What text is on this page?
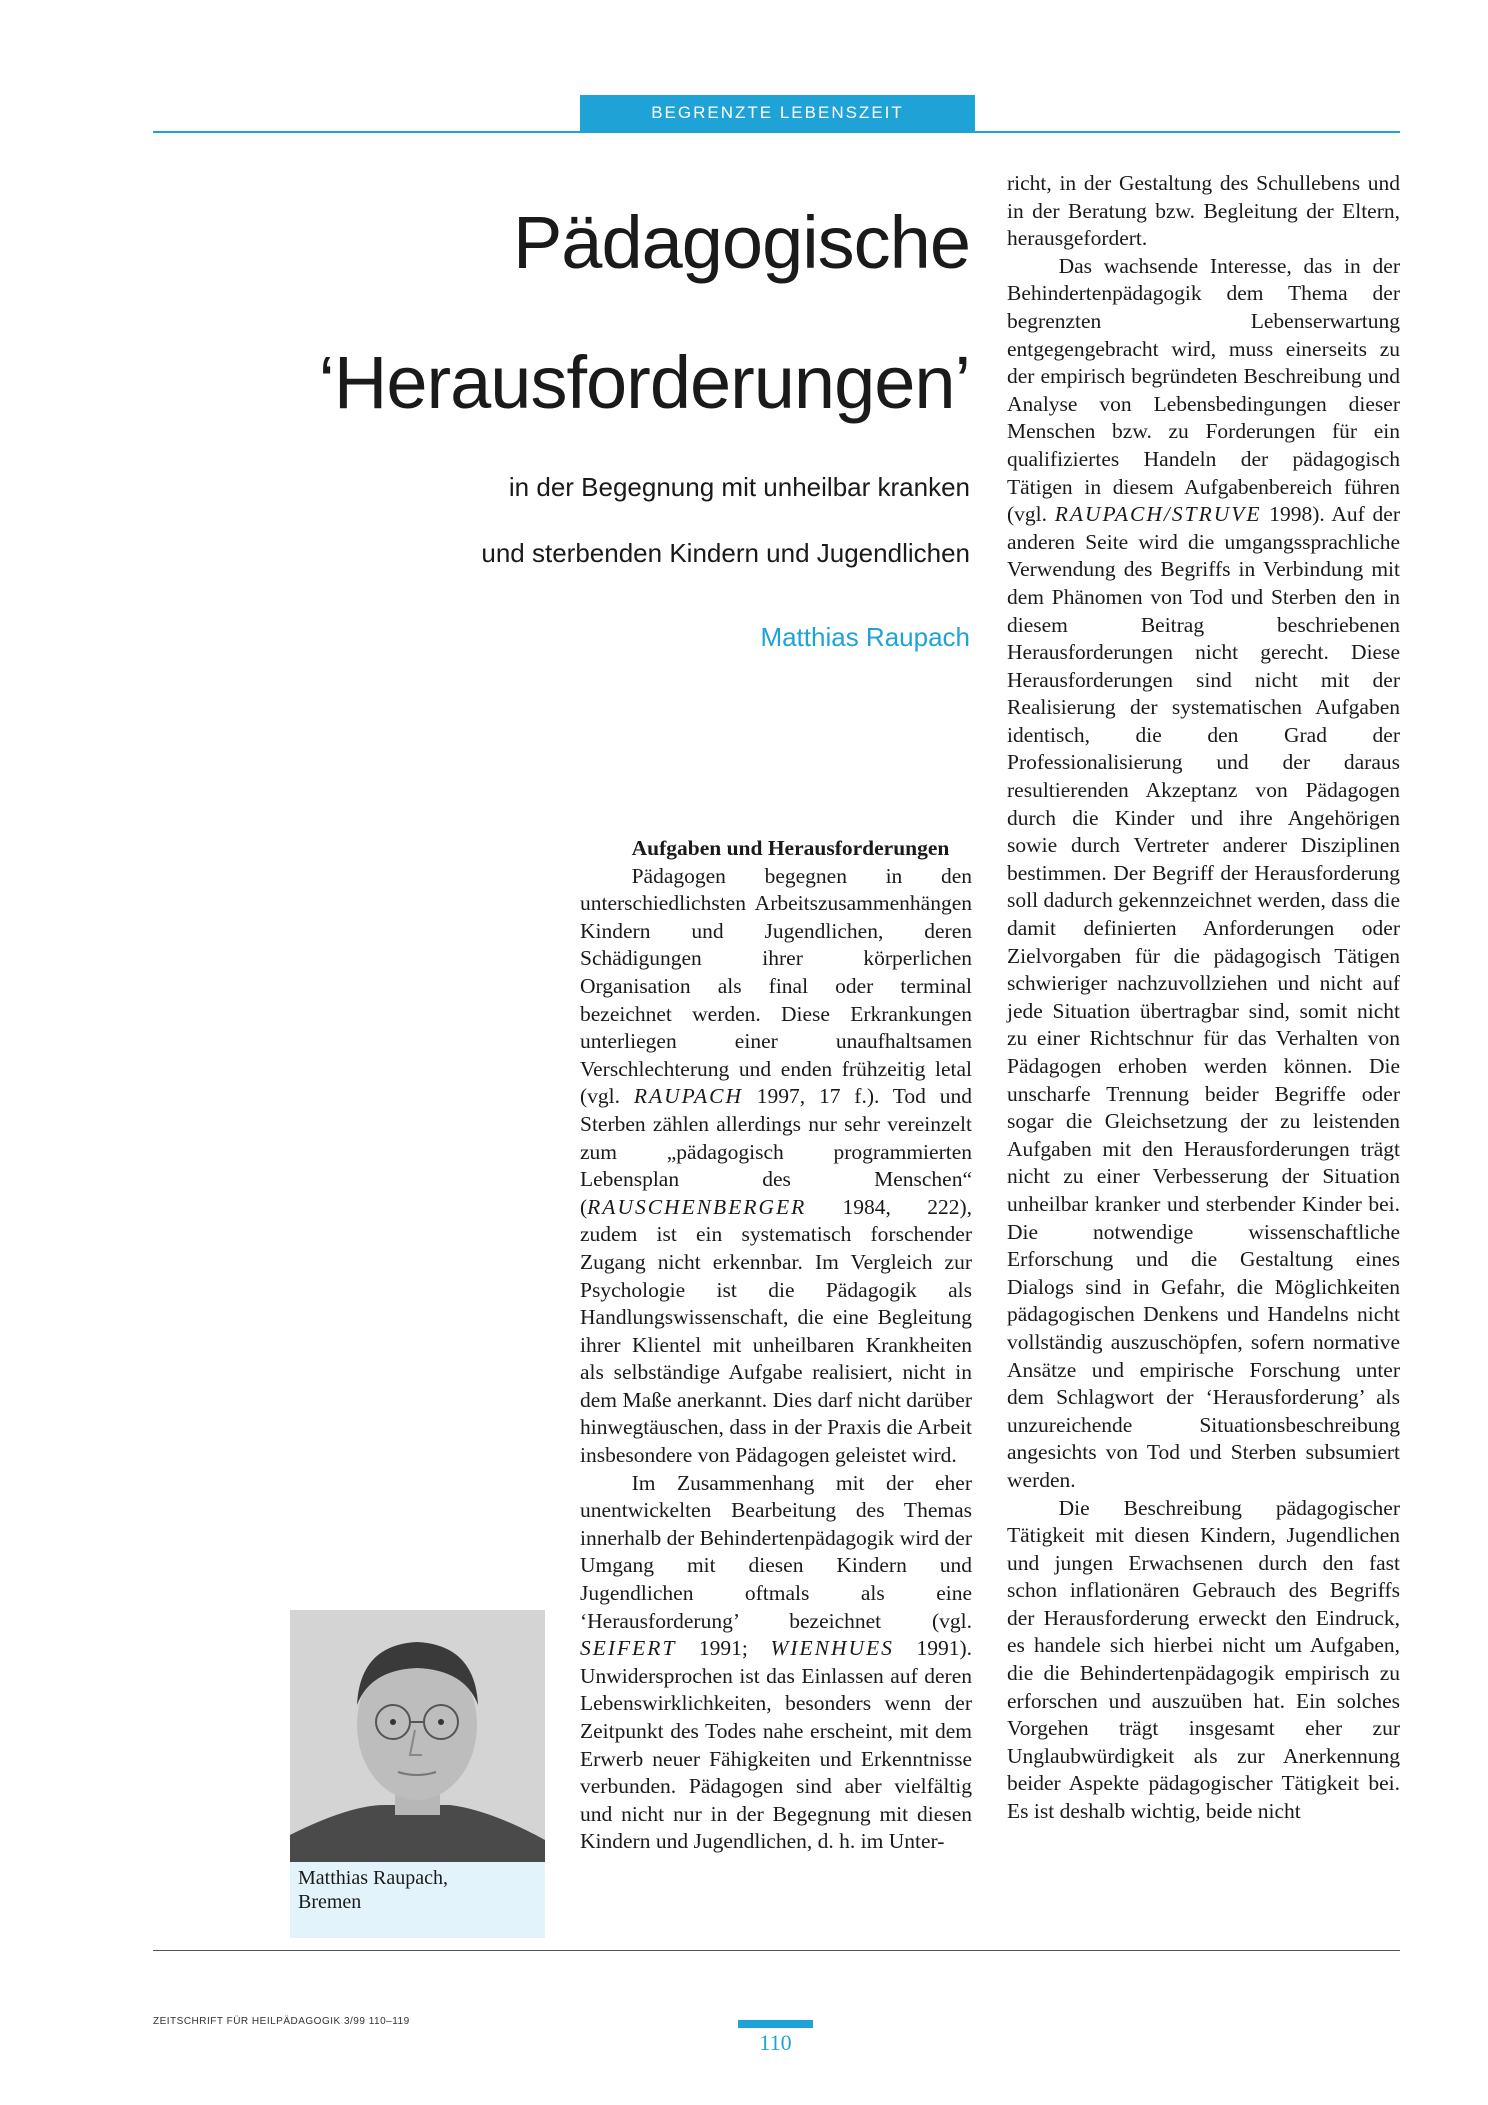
BEGRENZTE LEBENSZEIT
Pädagogische
‘Herausforderungen’
in der Begegnung mit unheilbar kranken
und sterbenden Kindern und Jugendlichen
Matthias Raupach

Aufgaben und Herausforderungen

Pädagogen begegnen in den unterschiedlichsten Arbeitszusammenhängen Kindern und Jugendlichen, deren Schädigungen ihrer körperlichen Organisation als final oder terminal bezeichnet werden. Diese Erkrankungen unterliegen einer unaufhaltsamen Verschlechterung und enden frühzeitig letal (vgl. RAUPACH 1997, 17 f.). Tod und Sterben zählen allerdings nur sehr vereinzelt zum „pädagogisch programmierten Lebensplan des Menschen“ (RAUSCHENBERGER 1984, 222), zudem ist ein systematisch forschender Zugang nicht erkennbar. Im Vergleich zur Psychologie ist die Pädagogik als Handlungswissenschaft, die eine Begleitung ihrer Klientel mit unheilbaren Krankheiten als selbständige Aufgabe realisiert, nicht in dem Maße anerkannt. Dies darf nicht darüber hinwegtäuschen, dass in der Praxis die Arbeit insbesondere von Pädagogen geleistet wird.

Im Zusammenhang mit der eher unentwickelten Bearbeitung des Themas innerhalb der Behindertenpädagogik wird der Umgang mit diesen Kindern und Jugendlichen oftmals als eine ‘Herausforderung’ bezeichnet (vgl. SEIFERT 1991; WIENHUES 1991). Unwidersprochen ist das Einlassen auf deren Lebenswirklichkeiten, besonders wenn der Zeitpunkt des Todes nahe erscheint, mit dem Erwerb neuer Fähigkeiten und Erkenntnisse verbunden. Pädagogen sind aber vielfältig und nicht nur in der Begegnung mit diesen Kindern und Jugendlichen, d. h. im Unter-

richt, in der Gestaltung des Schullebens und in der Beratung bzw. Begleitung der Eltern, herausgefordert.

Das wachsende Interesse, das in der Behindertenpädagogik dem Thema der begrenzten Lebenserwartung entgegengebracht wird, muss einerseits zu der empirisch begründeten Beschreibung und Analyse von Lebensbedingungen dieser Menschen bzw. zu Forderungen für ein qualifiziertes Handeln der pädagogisch Tätigen in diesem Aufgabenbereich führen (vgl. RAUPACH/STRUVE 1998). Auf der anderen Seite wird die umgangssprachliche Verwendung des Begriffs in Verbindung mit dem Phänomen von Tod und Sterben den in diesem Beitrag beschriebenen Herausforderungen nicht gerecht. Diese Herausforderungen sind nicht mit der Realisierung der systematischen Aufgaben identisch, die den Grad der Professionalisierung und der daraus resultierenden Akzeptanz von Pädagogen durch die Kinder und ihre Angehörigen sowie durch Vertreter anderer Disziplinen bestimmen. Der Begriff der Herausforderung soll dadurch gekennzeichnet werden, dass die damit definierten Anforderungen oder Zielvorgaben für die pädagogisch Tätigen schwieriger nachzuvollziehen und nicht auf jede Situation übertragbar sind, somit nicht zu einer Richtschnur für das Verhalten von Pädagogen erhoben werden können. Die unscharfe Trennung beider Begriffe oder sogar die Gleichsetzung der zu leistenden Aufgaben mit den Herausforderungen trägt nicht zu einer Verbesserung der Situation unheilbar kranker und sterbender Kinder bei. Die notwendige wissenschaftliche Erforschung und die Gestaltung eines Dialogs sind in Gefahr, die Möglichkeiten pädagogischen Denkens und Handelns nicht vollständig auszuschöpfen, sofern normative Ansätze und empirische Forschung unter dem Schlagwort der ‘Herausforderung’ als unzureichende Situationsbeschreibung angesichts von Tod und Sterben subsumiert werden.

Die Beschreibung pädagogischer Tätigkeit mit diesen Kindern, Jugendlichen und jungen Erwachsenen durch den fast schon inflationären Gebrauch des Begriffs der Herausforderung erweckt den Eindruck, es handele sich hierbei nicht um Aufgaben, die die Behindertenpädagogik empirisch zu erforschen und auszuüben hat. Ein solches Vorgehen trägt insgesamt eher zur Unglaubwürdigkeit als zur Anerkennung beider Aspekte pädagogischer Tätigkeit bei. Es ist deshalb wichtig, beide nicht

Matthias Raupach,
Bremen
ZEITSCHRIFT FÜR HEILPÄDAGOGIK 3/99 110–119
110
